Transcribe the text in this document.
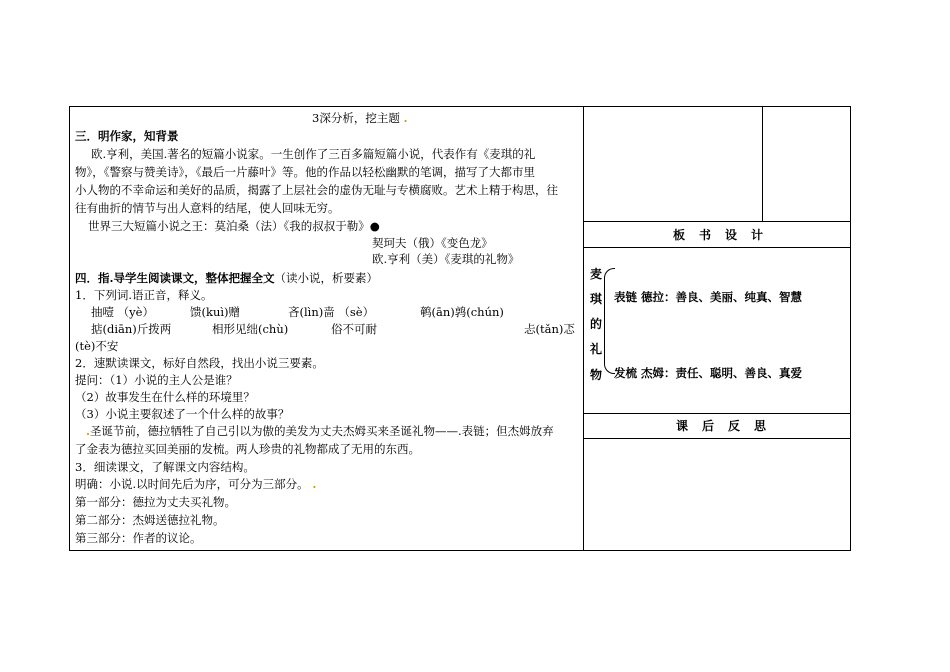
3深分析，挖主题 .
三．明作家，知背景
欧.亨利，美国.著名的短篇小说家。一生创作了三百多篇短篇小说，代表作有《麦琪的礼
物》，《警察与赞美诗》，《最后一片藤叶》等。他的作品以轻松幽默的笔调，描写了大都市里
小人物的不幸命运和美好的品质，揭露了上层社会的虚伪无耻与专横腐败。艺术上精于构思，往
往有曲折的情节与出人意料的结尾，使人回味无穷。
世界三大短篇小说之王：莫泊桑（法）《我的叔叔于勒》●
契珂夫（俄）《变色龙》
欧.亨利（美）《麦琪的礼物》
四．指.导学生阅读课文，整体把握全文（读小说，析要素）
1．下列词.语正音，释义。
抽噎 （yè）	馈(kuì)赠	吝(lìn)啬 （sè）	鹌(ān)鹑(chún)
掂(diān)斤拨两	相形见绌(chù)	俗不可耐	忐(tǎn)忑
(tè)不安
2．速默读课文，标好自然段，找出小说三要素。
提问：（1）小说的主人公是谁？
（2）故事发生在什么样的环境里？
（3）小说主要叙述了一个什么样的故事？
.圣诞节前，德拉牺牲了自己引以为傲的美发为丈夫杰姆买来圣诞礼物——.表链；但杰姆放弃
了金表为德拉买回美丽的发梳。两人珍贵的礼物都成了无用的东西。
3．细读课文，了解课文内容结构。
明确：小说.以时间先后为序，可分为三部分。 .
第一部分：德拉为丈夫买礼物。
第二部分：杰姆送德拉礼物。
第三部分：作者的议论。
板书设计
麦
琪
的
礼
物
表链 德拉：善良、美丽、纯真、智慧
发梳 杰姆：责任、聪明、善良、真爱
课后反思
